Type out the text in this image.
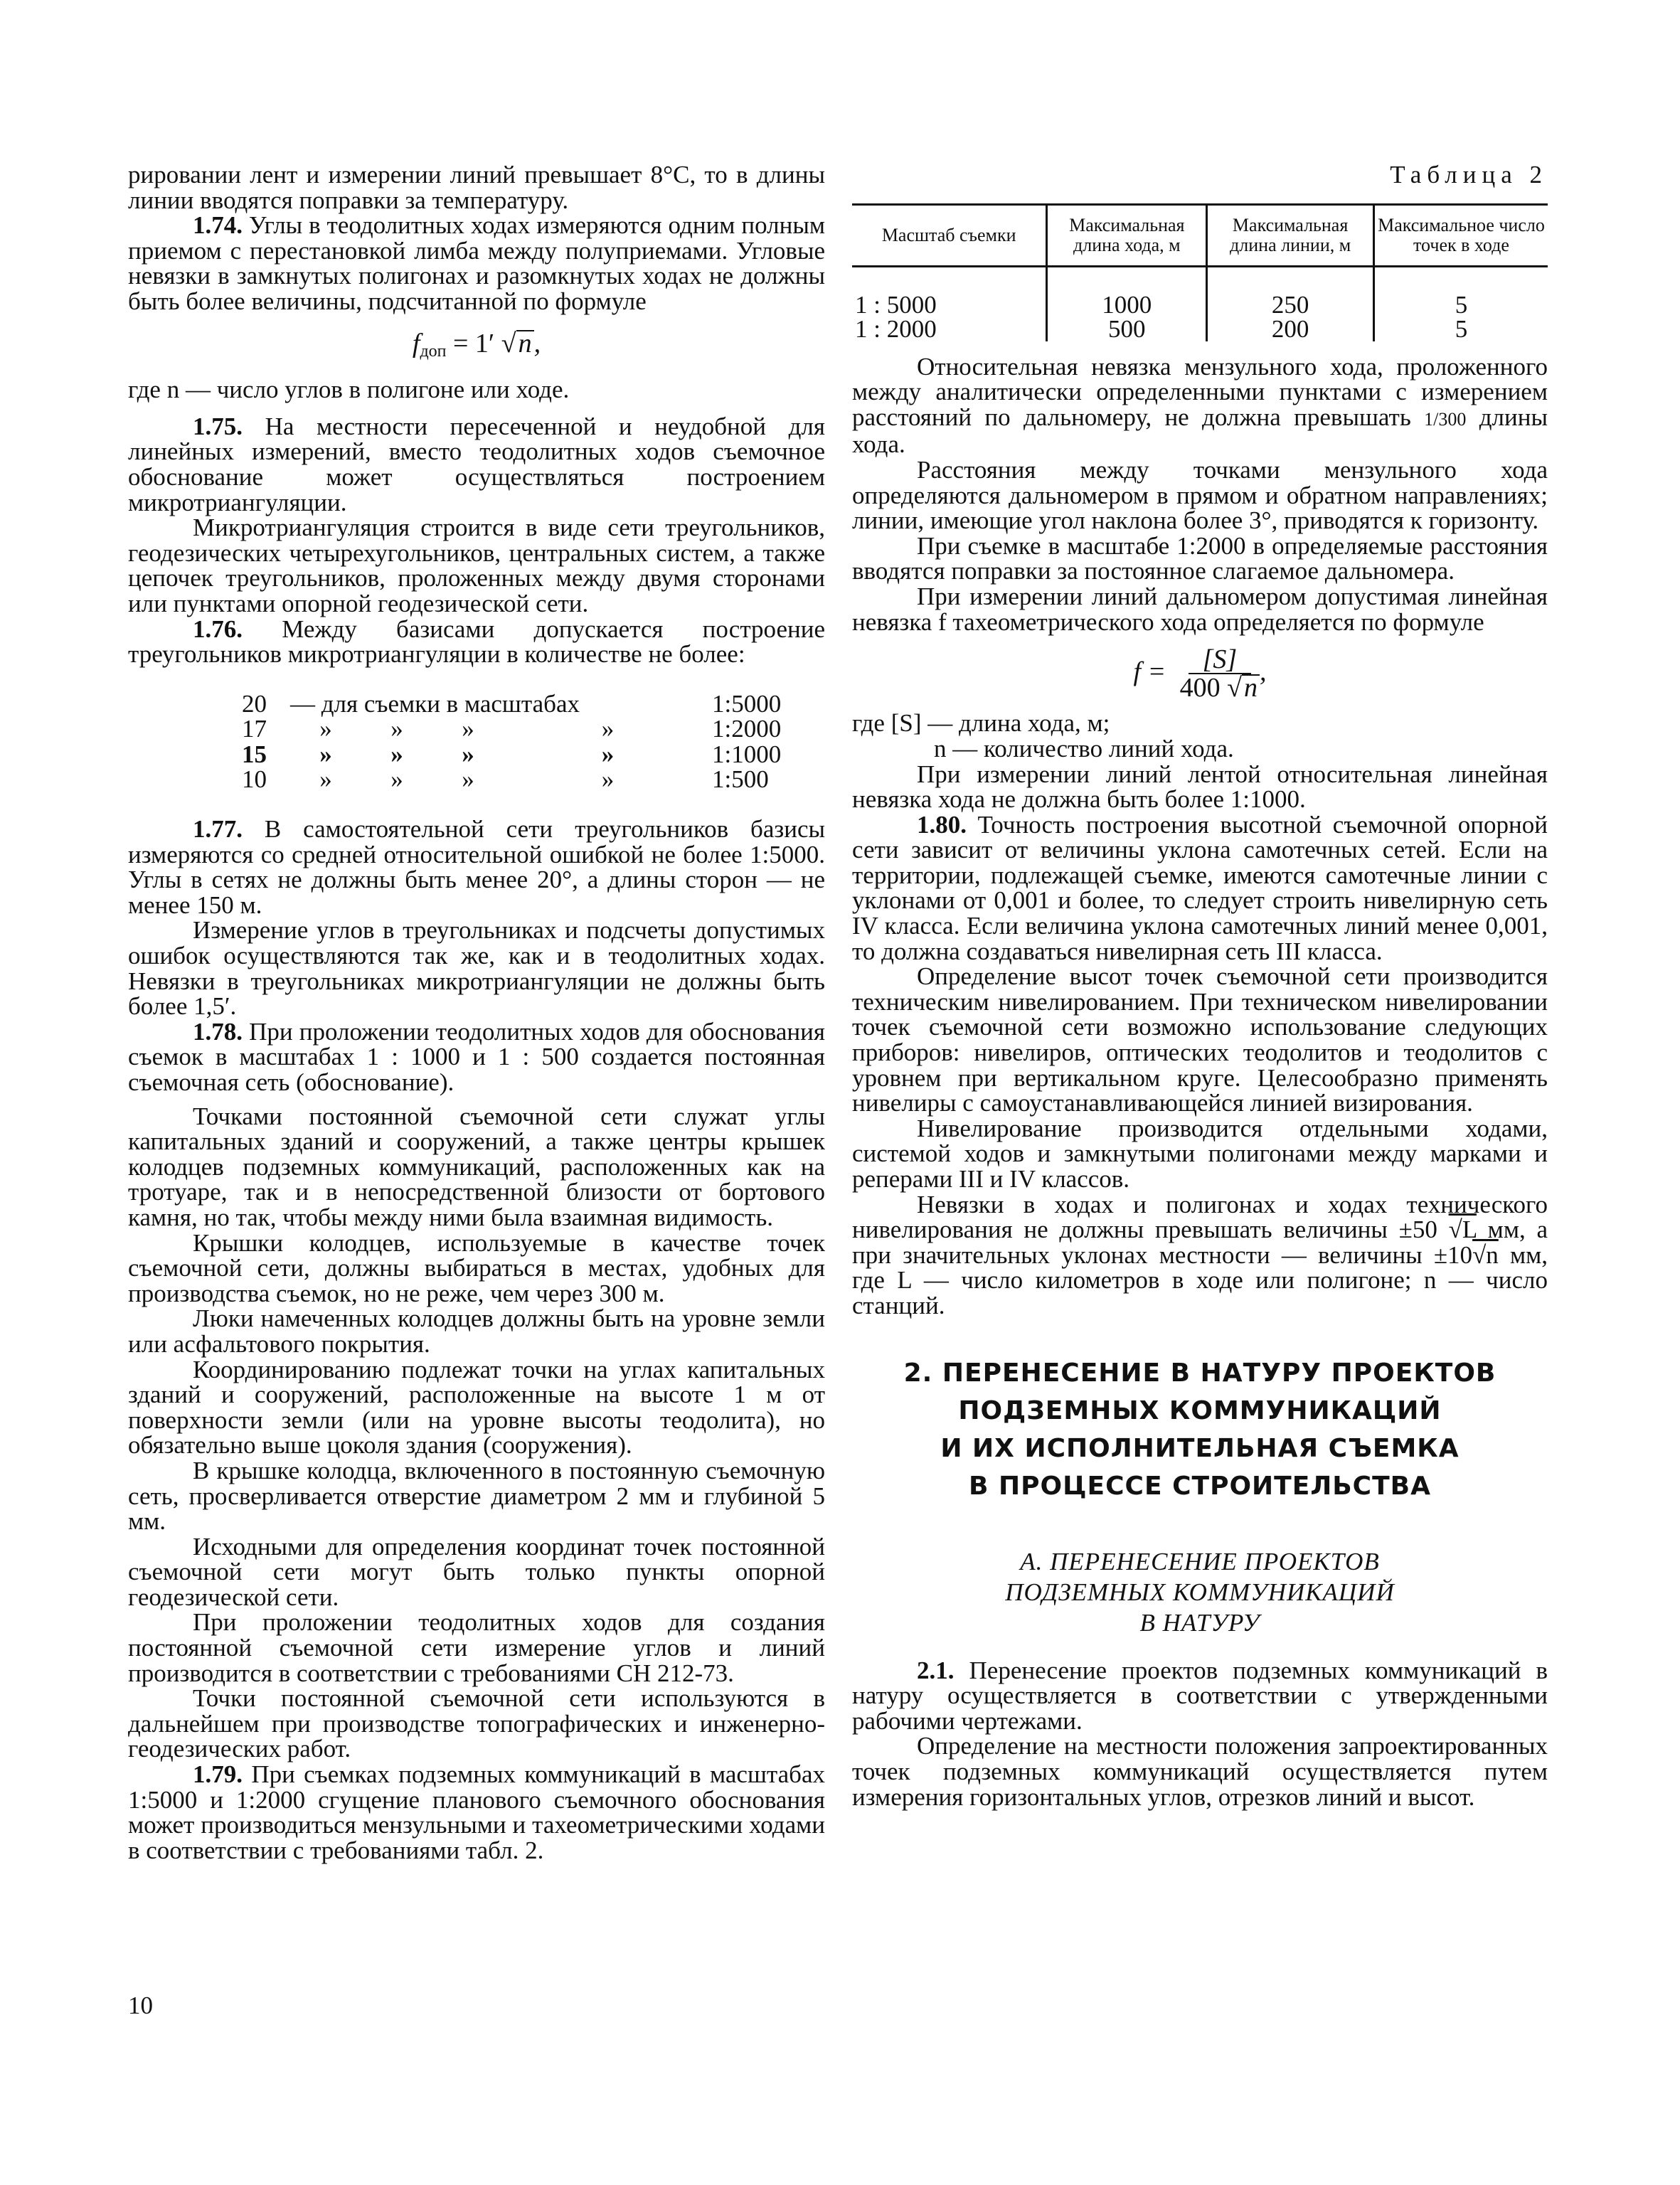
рировании лент и измерении линий превышает 8°С, то в длины линии вводятся поправки за температуру.

1.74. Углы в теодолитных ходах измеряются одним полным приемом с перестановкой лимба между полуприемами. Угловые невязки в замкнутых полигонах и разомкнутых ходах не должны быть более величины, подсчитанной по формуле

$f_{доп} = 1'$ √n,

где n — число углов в полигоне или ходе.

1.75. На местности пересеченной и неудобной для линейных измерений, вместо теодолитных ходов съемочное обоснование может осуществляться построением микротриангуляции.

Микротриангуляция строится в виде сети треугольников, геодезических четырехугольников, центральных систем, а также цепочек треугольников, проложенных между двумя сторонами или пунктами опорной геодезической сети.

1.76. Между базисами допускается построение треугольников микротриангуляции в количестве не более:

20 — для съемки в масштабах	1:5000
17	»	»	»	»	1:2000
15	»	»	»	»	1:1000
10	»	»	»	»	1:500

1.77. В самостоятельной сети треугольников базисы измеряются со средней относительной ошибкой не более 1:5000. Углы в сетях не должны быть менее 20°, а длины сторон — не менее 150 м.

Измерение углов в треугольниках и подсчеты допустимых ошибок осуществляются так же, как и в теодолитных ходах. Невязки в треугольниках микротриангуляции не должны быть более 1,5′.

1.78. При проложении теодолитных ходов для обоснования съемок в масштабах 1 : 1000 и 1 : 500 создается постоянная съемочная сеть (обоснование).

Точками постоянной съемочной сети служат углы капитальных зданий и сооружений, а также центры крышек колодцев подземных коммуникаций, расположенных как на тротуаре, так и в непосредственной близости от бортового камня, но так, чтобы между ними была взаимная видимость.

Крышки колодцев, используемые в качестве точек съемочной сети, должны выбираться в местах, удобных для производства съемок, но не реже, чем через 300 м.

Люки намеченных колодцев должны быть на уровне земли или асфальтового покрытия.

Координированию подлежат точки на углах капитальных зданий и сооружений, расположенные на высоте 1 м от поверхности земли (или на уровне высоты теодолита), но обязательно выше цоколя здания (сооружения).

В крышке колодца, включенного в постоянную съемочную сеть, просверливается отверстие диаметром 2 мм и глубиной 5 мм.

Исходными для определения координат точек постоянной съемочной сети могут быть только пункты опорной геодезической сети.

При проложении теодолитных ходов для создания постоянной съемочной сети измерение углов и линий производится в соответствии с требованиями СН 212-73.

Точки постоянной съемочной сети используются в дальнейшем при производстве топографических и инженерно-геодезических работ.

1.79. При съемках подземных коммуникаций в масштабах 1:5000 и 1:2000 сгущение планового съемочного обоснования может производиться мензульными и тахеометрическими ходами в соответствии с требованиями табл. 2.

10
Таблица 2
Масштаб съемки	Максимальная длина хода, м	Максимальная длина линии, м	Максимальное число точек в ходе

1 : 5000	1000	250	5
1 : 2000	500	200	5

Относительная невязка мензульного хода, проложенного между аналитически определенными пунктами с измерением расстояний по дальномеру, не должна превышать 1/300 длины хода.

Расстояния между точками мензульного хода определяются дальномером в прямом и обратном направлениях; линии, имеющие угол наклона более 3°, приводятся к горизонту.

При съемке в масштабе 1:2000 в определяемые расстояния вводятся поправки за постоянное слагаемое дальномера.

При измерении линий дальномером допустимая линейная невязка f тахеометрического хода определяется по формуле

$f = \frac{[S]}{400 √n}$ ,

где [S] — длина хода, м;

n — количество линий хода.

При измерении линий лентой относительная линейная невязка хода не должна быть более 1:1000.

1.80. Точность построения высотной съемочной опорной сети зависит от величины уклона самотечных сетей. Если на территории, подлежащей съемке, имеются самотечные линии с уклонами от 0,001 и более, то следует строить нивелирную сеть IV класса. Если величина уклона самотечных линий менее 0,001, то должна создаваться нивелирная сеть III класса.

Определение высот точек съемочной сети производится техническим нивелированием. При техническом нивелировании точек съемочной сети возможно использование следующих приборов: нивелиров, оптических теодолитов и теодолитов с уровнем при вертикальном круге. Целесообразно применять нивелиры с самоустанавливающейся линией визирования.

Нивелирование производится отдельными ходами, системой ходов и замкнутыми полигонами между марками и реперами III и IV классов.

Невязки в ходах и полигонах и ходах технического нивелирования не должны превышать величины ±50 √L мм, а при значительных уклонах местности — величины ±10√n мм, где L — число километров в ходе или полигоне; n — число станций.

2. ПЕРЕНЕСЕНИЕ В НАТУРУ ПРОЕКТОВ
ПОДЗЕМНЫХ КОММУНИКАЦИЙ
И ИХ ИСПОЛНИТЕЛЬНАЯ СЪЕМКА
В ПРОЦЕССЕ СТРОИТЕЛЬСТВА
А. ПЕРЕНЕСЕНИЕ ПРОЕКТОВ
ПОДЗЕМНЫХ КОММУНИКАЦИЙ
В НАТУРУ

2.1. Перенесение проектов подземных коммуникаций в натуру осуществляется в соответствии с утвержденными рабочими чертежами.

Определение на местности положения запроектированных точек подземных коммуникаций осуществляется путем измерения горизонтальных углов, отрезков линий и высот.
